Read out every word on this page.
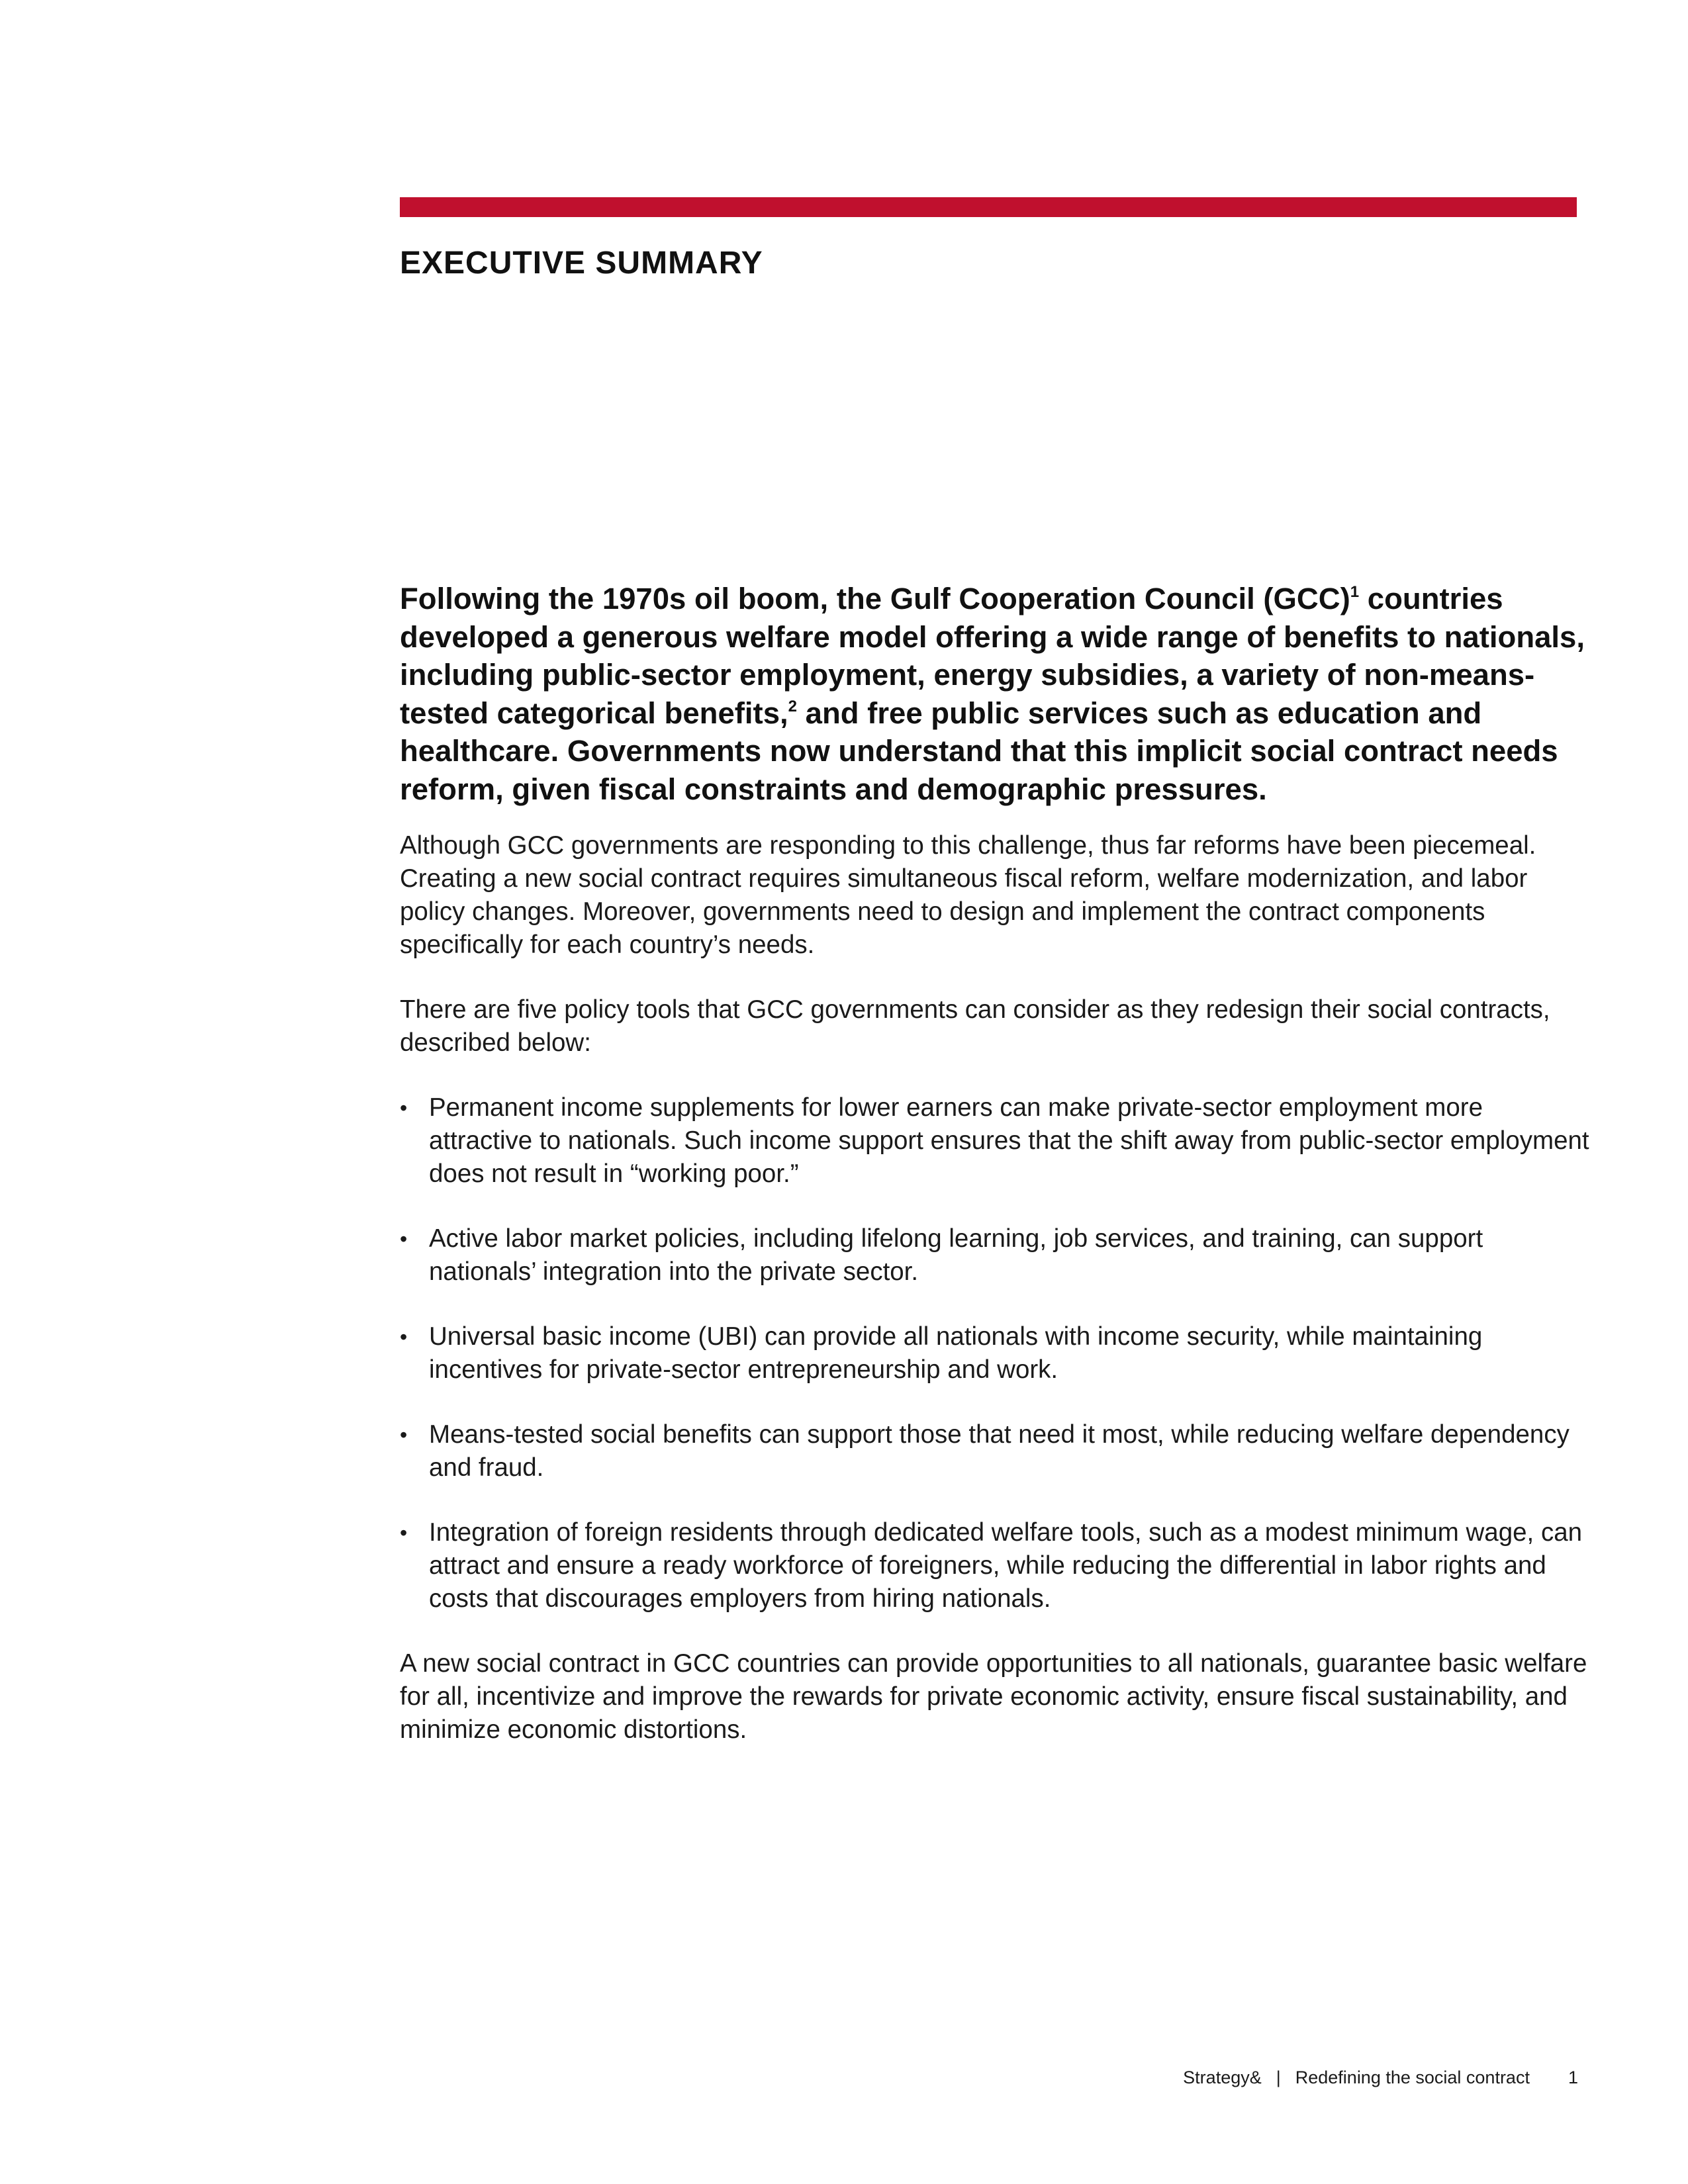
EXECUTIVE SUMMARY

Following the 1970s oil boom, the Gulf Cooperation Council (GCC)$^1$ countries developed a generous welfare model offering a wide range of benefits to nationals, including public-sector employment, energy subsidies, a variety of non-means-tested categorical benefits,$^2$ and free public services such as education and healthcare. Governments now understand that this implicit social contract needs reform, given fiscal constraints and demographic pressures.

Although GCC governments are responding to this challenge, thus far reforms have been piecemeal. Creating a new social contract requires simultaneous fiscal reform, welfare modernization, and labor policy changes. Moreover, governments need to design and implement the contract components specifically for each country’s needs.

There are five policy tools that GCC governments can consider as they redesign their social contracts, described below:

• Permanent income supplements for lower earners can make private-sector employment more attractive to nationals. Such income support ensures that the shift away from public-sector employment does not result in “working poor.”
• Active labor market policies, including lifelong learning, job services, and training, can support nationals’ integration into the private sector.
• Universal basic income (UBI) can provide all nationals with income security, while maintaining incentives for private-sector entrepreneurship and work.
• Means-tested social benefits can support those that need it most, while reducing welfare dependency and fraud.
• Integration of foreign residents through dedicated welfare tools, such as a modest minimum wage, can attract and ensure a ready workforce of foreigners, while reducing the differential in labor rights and costs that discourages employers from hiring nationals.

A new social contract in GCC countries can provide opportunities to all nationals, guarantee basic welfare for all, incentivize and improve the rewards for private economic activity, ensure fiscal sustainability, and minimize economic distortions.

Strategy& | Redefining the social contract 1
